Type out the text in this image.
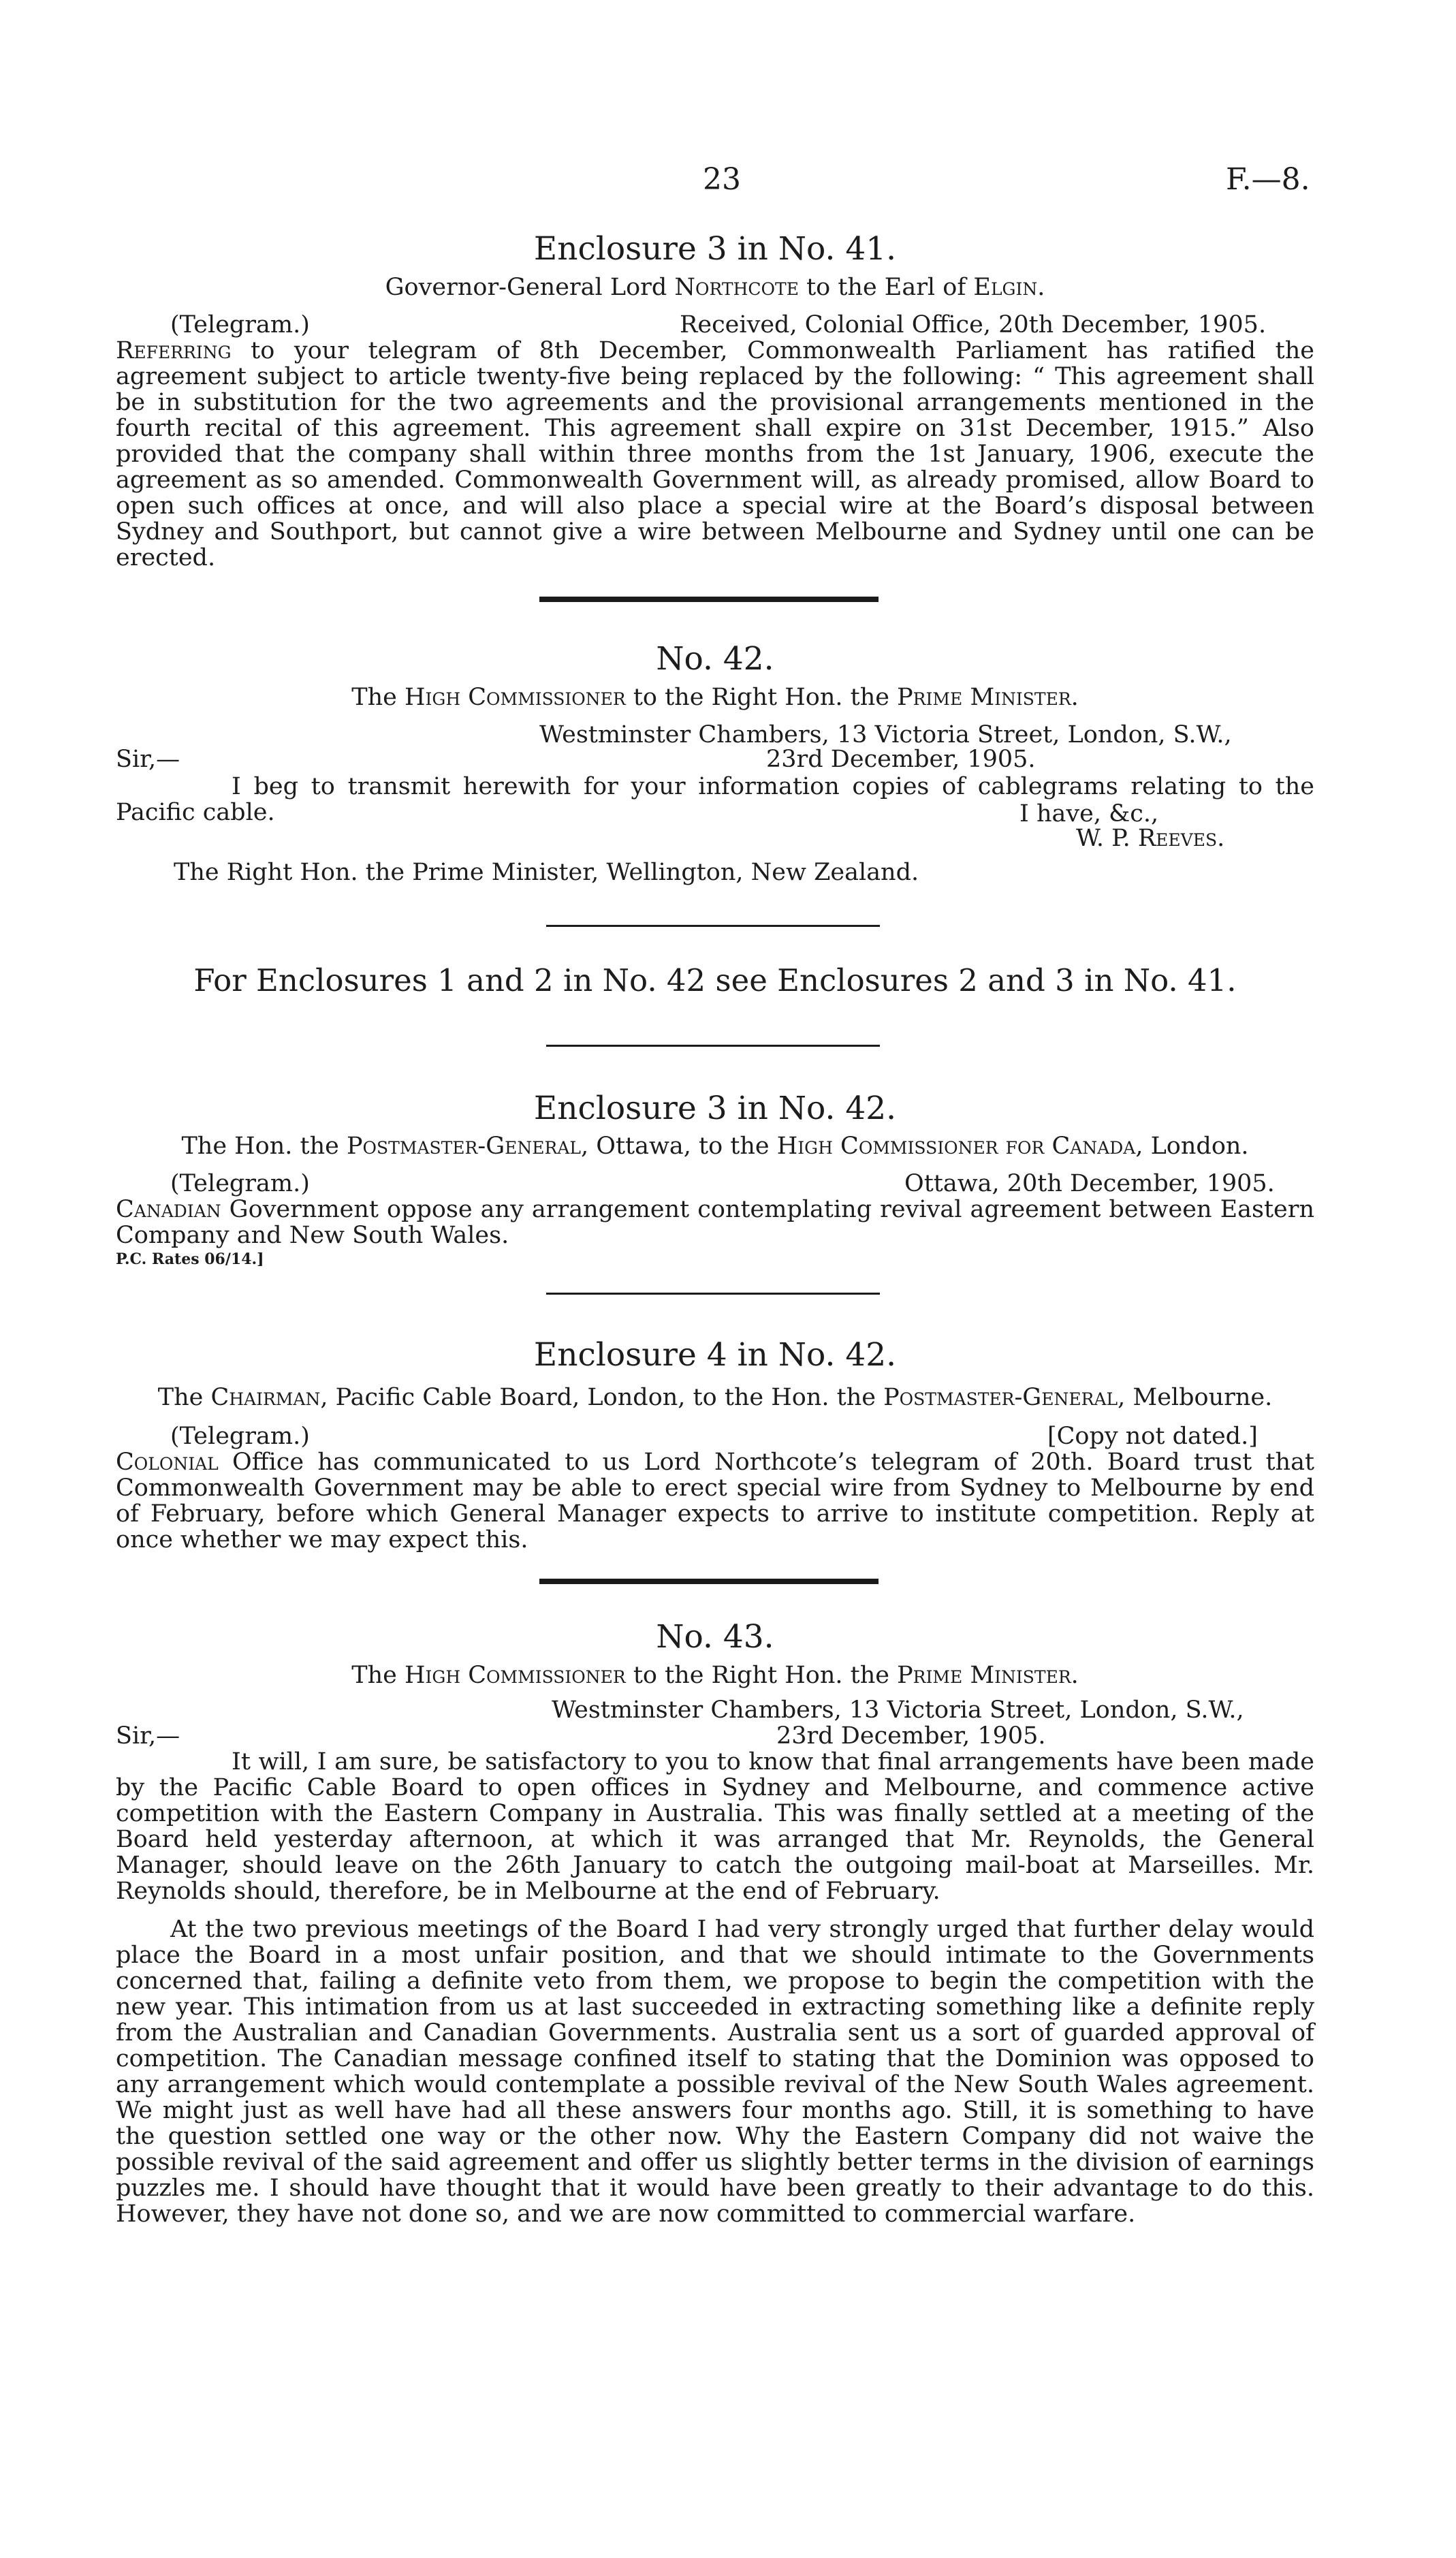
23	F.—8.
Enclosure 3 in No. 41.
Governor-General Lord Northcote to the Earl of Elgin.
(Telegram.)	Received, Colonial Office, 20th December, 1905.

Referring to your telegram of 8th December, Commonwealth Parliament has ratified the agreement subject to article twenty-five being replaced by the following: “ This agreement shall be in substitution for the two agreements and the provisional arrangements mentioned in the fourth recital of this agreement. This agreement shall expire on 31st December, 1915.” Also provided that the company shall within three months from the 1st January, 1906, execute the agreement as so amended. Commonwealth Government will, as already promised, allow Board to open such offices at once, and will also place a special wire at the Board’s disposal between Sydney and Southport, but cannot give a wire between Melbourne and Sydney until one can be erected.

No. 42.
The High Commissioner to the Right Hon. the Prime Minister.
Westminster Chambers, 13 Victoria Street, London, S.W.,
Sir,—	23rd December, 1905.

I beg to transmit herewith for your information copies of cablegrams relating to the Pacific cable.	I have, &c.,
W. P. Reeves.
The Right Hon. the Prime Minister, Wellington, New Zealand.
For Enclosures 1 and 2 in No. 42 see Enclosures 2 and 3 in No. 41.
Enclosure 3 in No. 42.
The Hon. the Postmaster-General, Ottawa, to the High Commissioner for Canada, London.
(Telegram.)	Ottawa, 20th December, 1905.

Canadian Government oppose any arrangement contemplating revival agreement between Eastern Company and New South Wales.

P.C. Rates 06/14.]
Enclosure 4 in No. 42.
The Chairman, Pacific Cable Board, London, to the Hon. the Postmaster-General, Melbourne.
(Telegram.)	[Copy not dated.]

Colonial Office has communicated to us Lord Northcote’s telegram of 20th. Board trust that Commonwealth Government may be able to erect special wire from Sydney to Melbourne by end of February, before which General Manager expects to arrive to institute competition. Reply at once whether we may expect this.

No. 43.
The High Commissioner to the Right Hon. the Prime Minister.
Westminster Chambers, 13 Victoria Street, London, S.W.,
Sir,—	23rd December, 1905.

It will, I am sure, be satisfactory to you to know that final arrangements have been made by the Pacific Cable Board to open offices in Sydney and Melbourne, and commence active competition with the Eastern Company in Australia. This was finally settled at a meeting of the Board held yesterday afternoon, at which it was arranged that Mr. Reynolds, the General Manager, should leave on the 26th January to catch the outgoing mail-boat at Marseilles. Mr. Reynolds should, therefore, be in Melbourne at the end of February.

At the two previous meetings of the Board I had very strongly urged that further delay would place the Board in a most unfair position, and that we should intimate to the Governments concerned that, failing a definite veto from them, we propose to begin the competition with the new year. This intimation from us at last succeeded in extracting something like a definite reply from the Australian and Canadian Governments. Australia sent us a sort of guarded approval of competition. The Canadian message confined itself to stating that the Dominion was opposed to any arrangement which would contemplate a possible revival of the New South Wales agreement. We might just as well have had all these answers four months ago. Still, it is something to have the question settled one way or the other now. Why the Eastern Company did not waive the possible revival of the said agreement and offer us slightly better terms in the division of earnings puzzles me. I should have thought that it would have been greatly to their advantage to do this. However, they have not done so, and we are now committed to commercial warfare.
